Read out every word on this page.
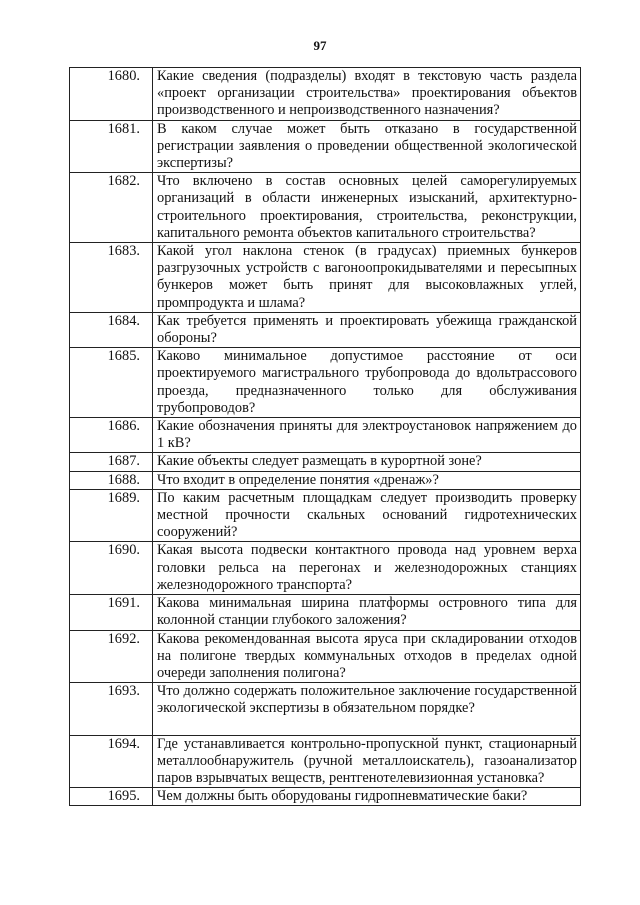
97
1680.	Какие сведения (подразделы) входят в текстовую часть раздела «проект организации строительства» проектирования объектов производственного и непроизводственного назначения?
1681.	В каком случае может быть отказано в государственной регистрации заявления о проведении общественной экологической экспертизы?
1682.	Что включено в состав основных целей саморегулируемых организаций в области инженерных изысканий, архитектурно-строительного проектирования, строительства, реконструкции, капитального ремонта объектов капитального строительства?
1683.	Какой угол наклона стенок (в градусах) приемных бункеров разгрузочных устройств с вагоноопрокидывателями и пересыпных бункеров может быть принят для высоковлажных углей, промпродукта и шлама?
1684.	Как требуется применять и проектировать убежища гражданской обороны?
1685.	Каково минимальное допустимое расстояние от оси проектируемого магистрального трубопровода до вдольтрассового проезда, предназначенного только для обслуживания трубопроводов?
1686.	Какие обозначения приняты для электроустановок напряжением до 1 кВ?
1687.	Какие объекты следует размещать в курортной зоне?
1688.	Что входит в определение понятия «дренаж»?
1689.	По каким расчетным площадкам следует производить проверку местной прочности скальных оснований гидротехнических сооружений?
1690.	Какая высота подвески контактного провода над уровнем верха головки рельса на перегонах и железнодорожных станциях железнодорожного транспорта?
1691.	Какова минимальная ширина платформы островного типа для колонной станции глубокого заложения?
1692.	Какова рекомендованная высота яруса при складировании отходов на полигоне твердых коммунальных отходов в пределах одной очереди заполнения полигона?
1693.	Что должно содержать положительное заключение государственной экологической экспертизы в обязательном порядке?

1694.	Где устанавливается контрольно-пропускной пункт, стационарный металлообнаружитель (ручной металлоискатель), газоанализатор паров взрывчатых веществ, рентгенотелевизионная установка?
1695.	Чем должны быть оборудованы гидропневматические баки?
